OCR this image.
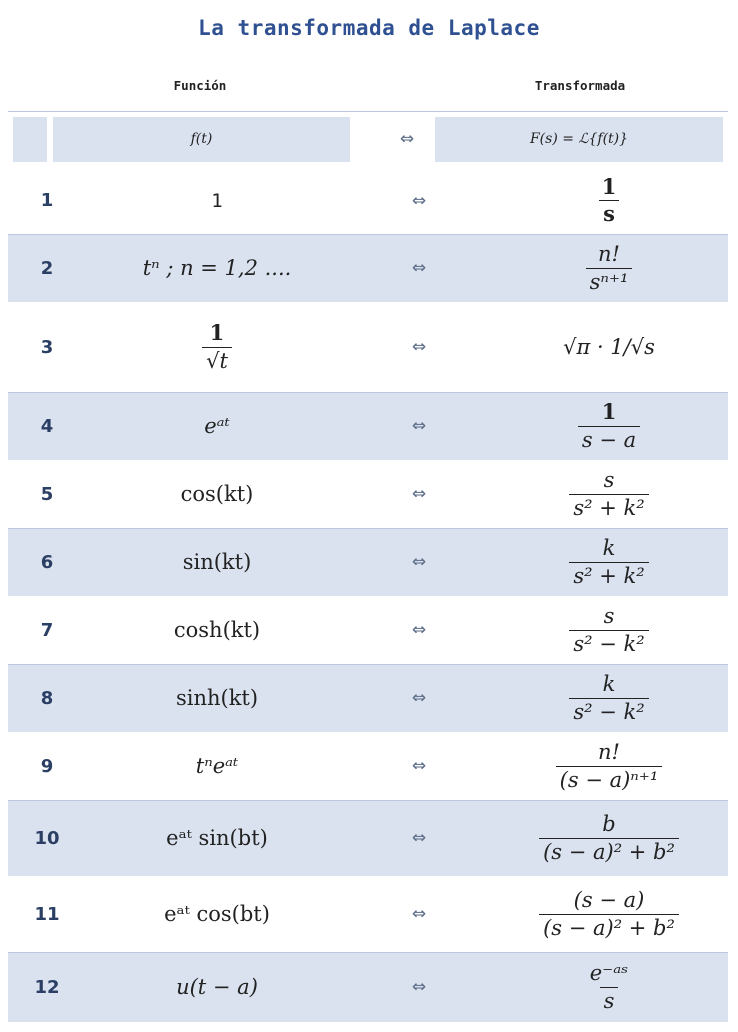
La transformada de Laplace
Función	Transformada
f(t)	⇔	F(s) = ℒ{f(t)}
1	1	⇔	$\frac{1}{s}$
2	tⁿ ; n = 1,2 ....	⇔	$\frac{n!}{\text{sⁿ⁺¹}}$
3	$\frac{1}{√t}$	⇔	√π · 1/√s
4	eᵃᵗ	⇔	$\frac{1}{s - a}$
5	cos(kt)	⇔	$\frac{s}{\text{s² + k²}}$
6	sin(kt)	⇔	$\frac{k}{\text{s² + k²}}$
7	cosh(kt)	⇔	$\frac{s}{\text{s² − k²}}$
8	sinh(kt)	⇔	$\frac{k}{\text{s² − k²}}$
9	tⁿeᵃᵗ	⇔	$\frac{n!}{\text{(s − a)ⁿ⁺¹}}$
10	eᵃᵗ sin(bt)	⇔	$\frac{b}{\text{(s − a)² + b²}}$
11	eᵃᵗ cos(bt)	⇔	$\frac{(s - a)}{\text{(s − a)² + b²}}$
12	u(t − a)	⇔	$\frac{\text{e⁻ᵃˢ}}{s}$
